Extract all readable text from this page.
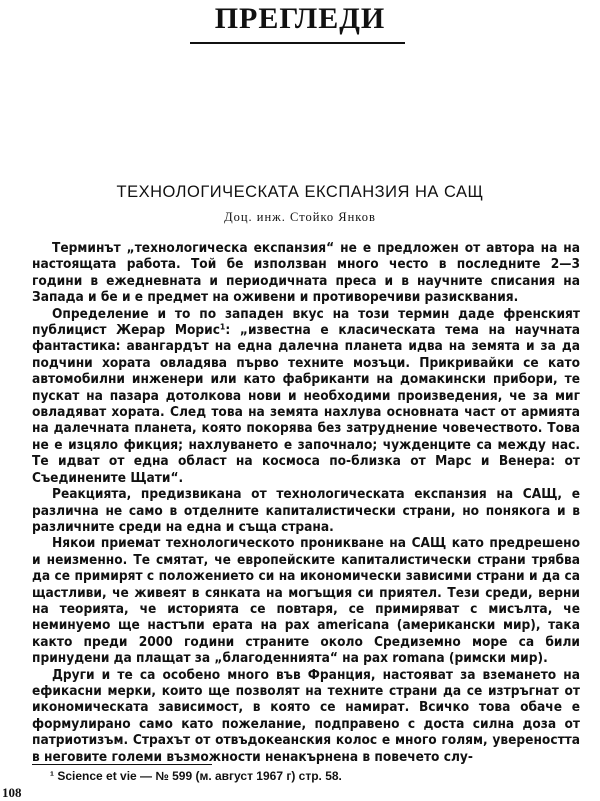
ПРЕГЛЕДИ
ТЕХНОЛОГИЧЕСКАТА ЕКСПАНЗИЯ НА САЩ
Доц. инж. Стойко Янков

Терминът „технологическа експанзия“ не е предложен от автора на на настоящата работа. Той бе използван много често в последните 2—3 години в ежедневната и периодичната преса и в научните списания на Запада и бе и е предмет на оживени и противоречиви разисквания.

Определение и то по западен вкус на този термин даде френският публицист Жерар Морис¹: „известна е класическата тема на научната фантастика: авангардът на една далечна планета идва на земята и за да подчини хората овладява първо техните мозъци. Прикривайки се като автомобилни инженери или като фабриканти на домакински прибори, те пускат на пазара дотолкова нови и необходими произведения, че за миг овладяват хората. След това на земята нахлува основната част от армията на далечната планета, която покорява без затруднение човечеството. Това не е изцяло фикция; нахлуването е започнало; чужденците са между нас. Те идват от една област на космоса по-близка от Марс и Венера: от Съединените Щати“.

Реакцията, предизвикана от технологическата експанзия на САЩ, е различна не само в отделните капиталистически страни, но понякога и в различните среди на една и съща страна.

Някои приемат технологическото проникване на САЩ като предрешено и неизменно. Те смятат, че европейските капиталистически страни трябва да се примирят с положението си на икономически зависими страни и да са щастливи, че живеят в сянката на могъщия си приятел. Тези среди, верни на теорията, че историята се повтаря, се примиряват с мисълта, че неминуемо ще настъпи ерата на pax americana (американски мир), така както преди 2000 години страните около Средиземно море са били принудени да плащат за „благоденнията“ на pax romana (римски мир).

Други и те са особено много във Франция, настояват за вземането на ефикасни мерки, които ще позволят на техните страни да се изтръгнат от икономическата зависимост, в която се намират. Всичко това обаче е формулирано само като пожелание, подправено с доста силна доза от патриотизъм. Страхът от отвъдокеанския колос е много голям, увереността в неговите големи възможности ненакърнена в повечето слу-

¹ Science et vie — № 599 (м. август 1967 г) стр. 58.
108
